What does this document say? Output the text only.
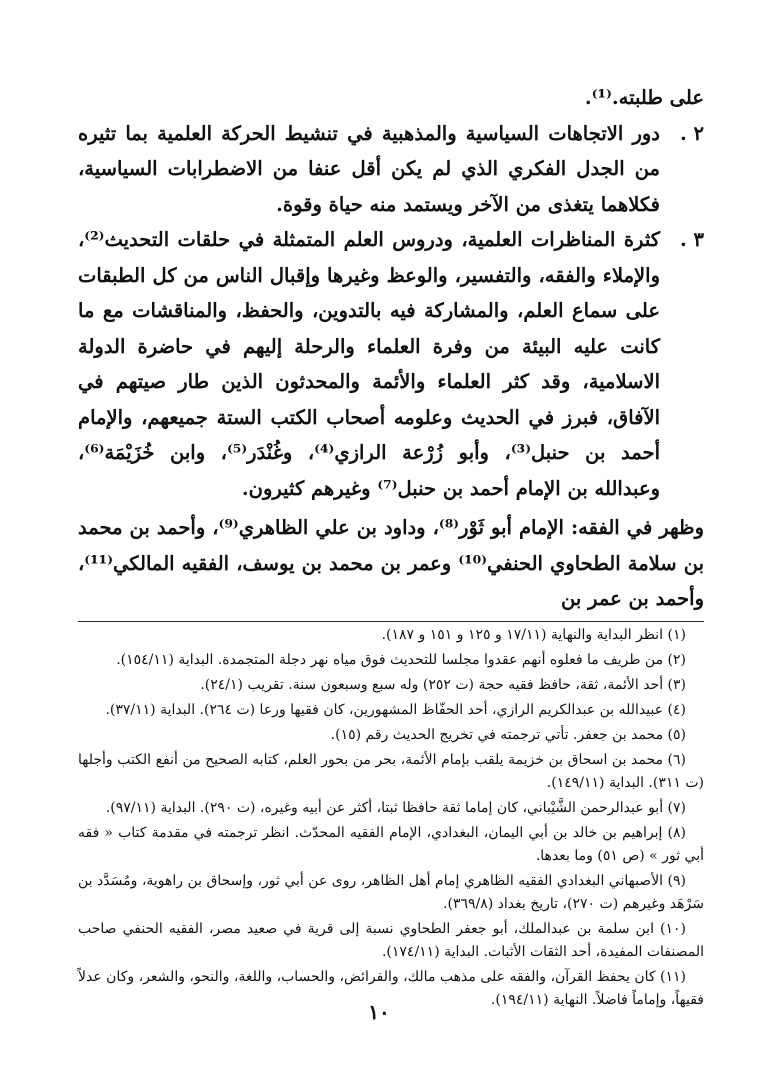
على طلبته.⁽¹⁾.

٢ .
دور الاتجاهات السياسية والمذهبية في تنشيط الحركة العلمية بما تثيره من الجدل الفكري الذي لم يكن أقل عنفا من الاضطرابات السياسية، فكلاهما يتغذى من الآخر ويستمد منه حياة وقوة.
٣ .
كثرة المناظرات العلمية، ودروس العلم المتمثلة في حلقات التحديث⁽²⁾، والإملاء والفقه، والتفسير، والوعظ وغيرها وإقبال الناس من كل الطبقات على سماع العلم، والمشاركة فيه بالتدوين، والحفظ، والمناقشات مع ما كانت عليه البيئة من وفرة العلماء والرحلة إليهم في حاضرة الدولة الاسلامية، وقد كثر العلماء والأئمة والمحدثون الذين طار صيتهم في الآفاق، فبرز في الحديث وعلومه أصحاب الكتب الستة جميعهم، والإمام أحمد بن حنبل⁽³⁾، وأبو زُرْعة الرازي⁽⁴⁾، وغُنْدَر⁽⁵⁾، وابن خُزَيْمَة⁽⁶⁾، وعبدالله بن الإمام أحمد بن حنبل⁽⁷⁾ وغيرهم كثيرون.

وظهر في الفقه: الإمام أبو ثَوْر⁽⁸⁾، وداود بن علي الظاهري⁽⁹⁾، وأحمد بن محمد بن سلامة الطحاوي الحنفي⁽¹⁰⁾ وعمر بن محمد بن يوسف، الفقيه المالكي⁽¹¹⁾، وأحمد بن عمر بن

(١) انظر البداية والنهاية (١٧/١١ و ١٢٥ و ١٥١ و ١٨٧).

(٢) من طريف ما فعلوه أنهم عقدوا مجلسا للتحديث فوق مياه نهر دجلة المتجمدة. البداية (١٥٤/١١).

(٣) أحد الأئمة، ثقة، حافظ فقيه حجة (ت ٢٥٢) وله سبع وسبعون سنة. تقريب (٢٤/١).

(٤) عبيدالله بن عبدالكريم الرازي، أحد الحفّاظ المشهورين، كان فقيها ورعا (ت ٢٦٤). البداية (٣٧/١١).

(٥) محمد بن جعفر. تأتي ترجمته في تخريج الحديث رقم (١٥).

(٦) محمد بن اسحاق بن خزيمة يلقب بإمام الأئمة، بحر من بحور العلم، كتابه الصحيح من أنفع الكتب وأجلها (ت ٣١١). البداية (١٤٩/١١).

(٧) أبو عبدالرحمن الشَّيْباني، كان إماما ثقة حافظا ثبتا، أكثر عن أبيه وغيره، (ت ٢٩٠). البداية (٩٧/١١).

(٨) إبراهيم بن خالد بن أبي اليمان، البغدادي، الإمام الفقيه المحدّث. انظر ترجمته في مقدمة كتاب « فقه أبي ثور » (ص ٥١) وما بعدها.

(٩) الأصبهاني البغدادي الفقيه الظاهري إمام أهل الظاهر، روى عن أبي ثور، وإسحاق بن راهوية، ومُسَدَّد بن سَرْهَد وغيرهم (ت ٢٧٠)، تاريخ بغداد (٣٦٩/٨).

(١٠) ابن سلمة بن عبدالملك، أبو جعفر الطحاوي نسبة إلى قرية في صعيد مصر، الفقيه الحنفي صاحب المصنفات المفيدة، أحد الثقات الأثبات. البداية (١٧٤/١١).

(١١) كان يحفظ القرآن، والفقه على مذهب مالك، والفرائض، والحساب، واللغة، والنحو، والشعر، وكان عدلاً فقيهاً، وإماماً فاضلاً. النهاية (١٩٤/١١).

١٠
